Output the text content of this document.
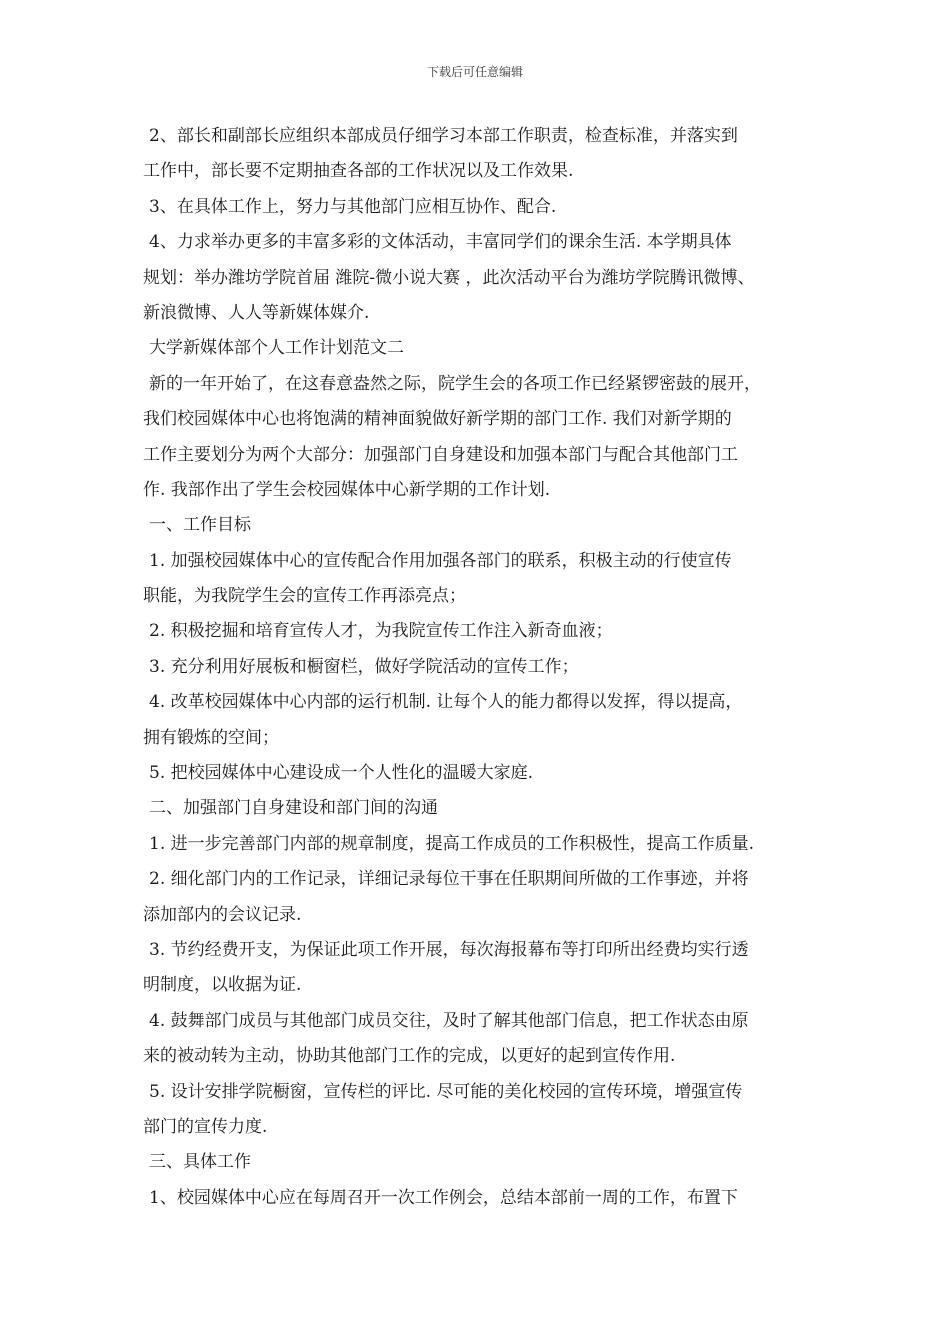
下载后可任意编辑
2、部长和副部长应组织本部成员仔细学习本部工作职责，检查标准，并落实到
工作中，部长要不定期抽查各部的工作状况以及工作效果.
3、在具体工作上，努力与其他部门应相互协作、配合.
4、力求举办更多的丰富多彩的文体活动，丰富同学们的课余生活. 本学期具体
规划：举办潍坊学院首届 潍院-微小说大赛 ，此次活动平台为潍坊学院腾讯微博、
新浪微博、人人等新媒体媒介.
大学新媒体部个人工作计划范文二
新的一年开始了，在这春意盎然之际，院学生会的各项工作已经紧锣密鼓的展开，
我们校园媒体中心也将饱满的精神面貌做好新学期的部门工作. 我们对新学期的
工作主要划分为两个大部分：加强部门自身建设和加强本部门与配合其他部门工
作. 我部作出了学生会校园媒体中心新学期的工作计划.
一、工作目标
1. 加强校园媒体中心的宣传配合作用加强各部门的联系，积极主动的行使宣传
职能，为我院学生会的宣传工作再添亮点；
2. 积极挖掘和培育宣传人才，为我院宣传工作注入新奇血液；
3. 充分利用好展板和橱窗栏，做好学院活动的宣传工作；
4. 改革校园媒体中心内部的运行机制. 让每个人的能力都得以发挥，得以提高，
拥有锻炼的空间；
5. 把校园媒体中心建设成一个人性化的温暖大家庭.
二、加强部门自身建设和部门间的沟通
1. 进一步完善部门内部的规章制度，提高工作成员的工作积极性，提高工作质量.
2. 细化部门内的工作记录，详细记录每位干事在任职期间所做的工作事迹，并将
添加部内的会议记录.
3. 节约经费开支，为保证此项工作开展，每次海报幕布等打印所出经费均实行透
明制度，以收据为证.
4. 鼓舞部门成员与其他部门成员交往，及时了解其他部门信息，把工作状态由原
来的被动转为主动，协助其他部门工作的完成，以更好的起到宣传作用.
5. 设计安排学院橱窗，宣传栏的评比. 尽可能的美化校园的宣传环境，增强宣传
部门的宣传力度.
三、具体工作
1、校园媒体中心应在每周召开一次工作例会，总结本部前一周的工作，布置下
